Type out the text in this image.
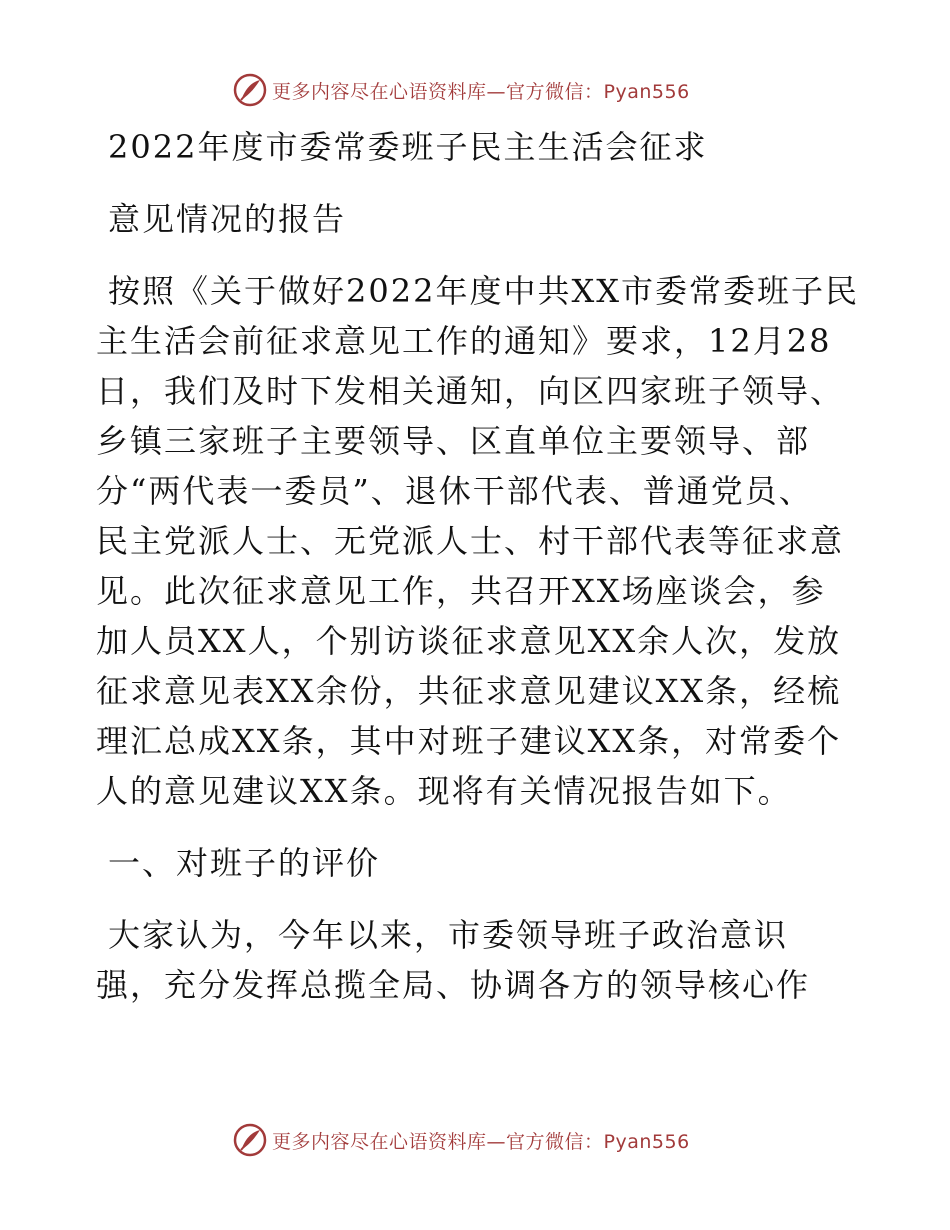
更多内容尽在心语资料库—官方微信：Pyan556
2022年度市委常委班子民主生活会征求
意见情况的报告
按照《关于做好2022年度中共XX市委常委班子民
主生活会前征求意见工作的通知》要求，12月28
日，我们及时下发相关通知，向区四家班子领导、
乡镇三家班子主要领导、区直单位主要领导、部
分“两代表一委员”、退休干部代表、普通党员、
民主党派人士、无党派人士、村干部代表等征求意
见。此次征求意见工作，共召开XX场座谈会，参
加人员XX人，个别访谈征求意见XX余人次，发放
征求意见表XX余份，共征求意见建议XX条，经梳
理汇总成XX条，其中对班子建议XX条，对常委个
人的意见建议XX条。现将有关情况报告如下。
一、对班子的评价
大家认为，今年以来，市委领导班子政治意识
强，充分发挥总揽全局、协调各方的领导核心作
更多内容尽在心语资料库—官方微信：Pyan556
